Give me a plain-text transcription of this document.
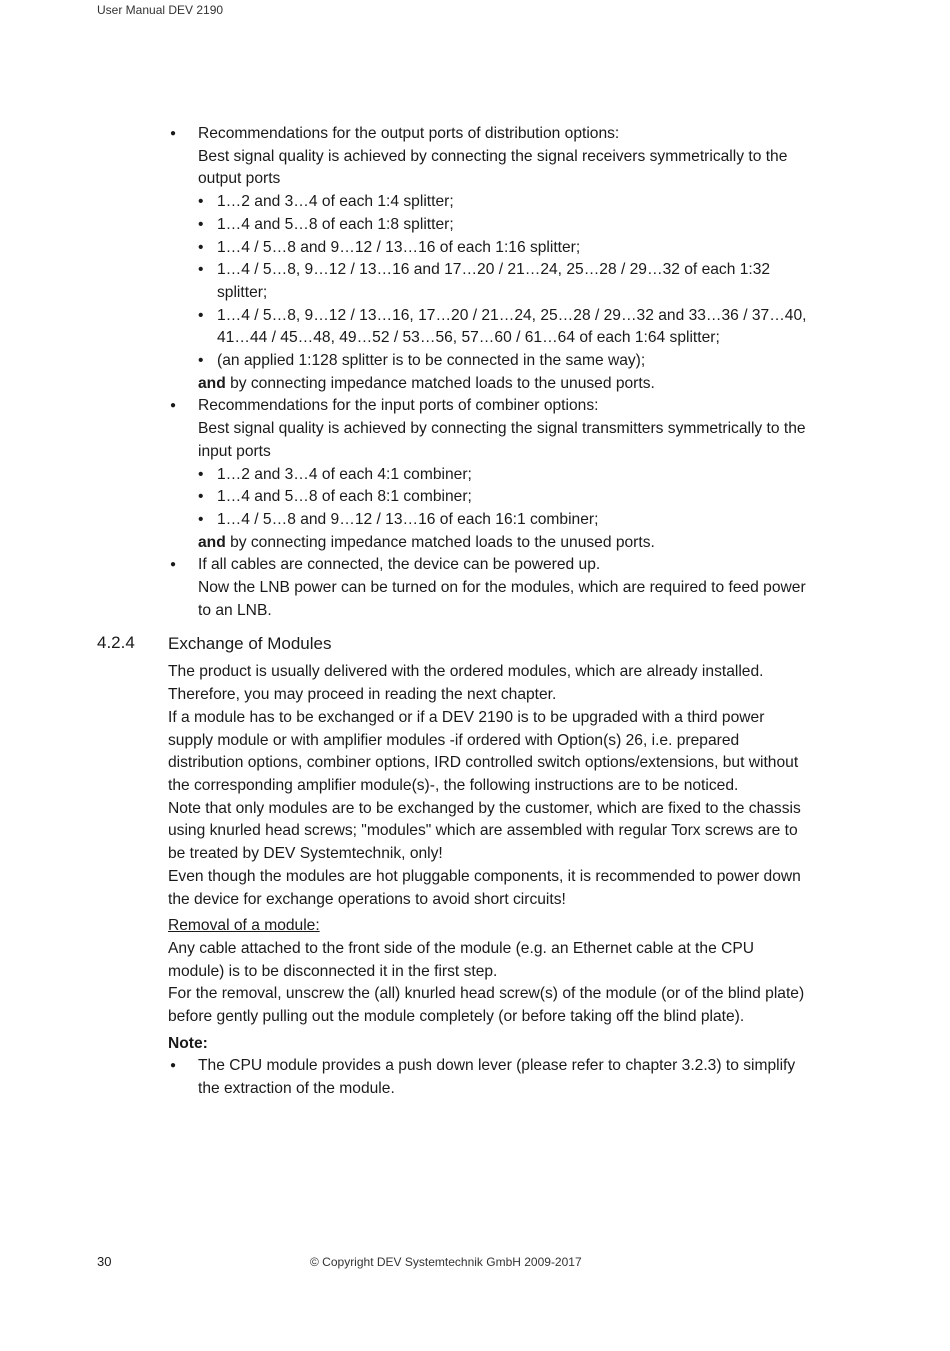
User Manual DEV 2190

● Recommendations for the output ports of distribution options:

Best signal quality is achieved by connecting the signal receivers symmetrically to the output ports

• 1…2 and 3…4 of each 1:4 splitter;
• 1…4 and 5…8 of each 1:8 splitter;
• 1…4 / 5…8 and 9…12 / 13…16 of each 1:16 splitter;
• 1…4 / 5…8, 9…12 / 13…16 and 17…20 / 21…24, 25…28 / 29…32 of each 1:32 splitter;
• 1…4 / 5…8, 9…12 / 13…16, 17…20 / 21…24, 25…28 / 29…32 and 33…36 / 37…40, 41…44 / 45…48, 49…52 / 53…56, 57…60 / 61…64 of each 1:64 splitter;
• (an applied 1:128 splitter is to be connected in the same way);

and by connecting impedance matched loads to the unused ports.

● Recommendations for the input ports of combiner options:

Best signal quality is achieved by connecting the signal transmitters symmetrically to the input ports

• 1…2 and 3…4 of each 4:1 combiner;
• 1…4 and 5…8 of each 8:1 combiner;
• 1…4 / 5…8 and 9…12 / 13…16 of each 16:1 combiner;

and by connecting impedance matched loads to the unused ports.

● If all cables are connected, the device can be powered up.

Now the LNB power can be turned on for the modules, which are required to feed power to an LNB.

4.2.4 Exchange of Modules

The product is usually delivered with the ordered modules, which are already installed. Therefore, you may proceed in reading the next chapter.

If a module has to be exchanged or if a DEV 2190 is to be upgraded with a third power supply module or with amplifier modules -if ordered with Option(s) 26, i.e. prepared distribution options, combiner options, IRD controlled switch options/extensions, but without the corresponding amplifier module(s)-, the following instructions are to be noticed.

Note that only modules are to be exchanged by the customer, which are fixed to the chassis using knurled head screws; "modules" which are assembled with regular Torx screws are to be treated by DEV Systemtechnik, only!

Even though the modules are hot pluggable components, it is recommended to power down the device for exchange operations to avoid short circuits!

Removal of a module:

Any cable attached to the front side of the module (e.g. an Ethernet cable at the CPU module) is to be disconnected it in the first step.

For the removal, unscrew the (all) knurled head screw(s) of the module (or of the blind plate) before gently pulling out the module completely (or before taking off the blind plate).

Note:

● The CPU module provides a push down lever (please refer to chapter 3.2.3) to simplify the extraction of the module.
30	© Copyright DEV Systemtechnik GmbH 2009-2017
